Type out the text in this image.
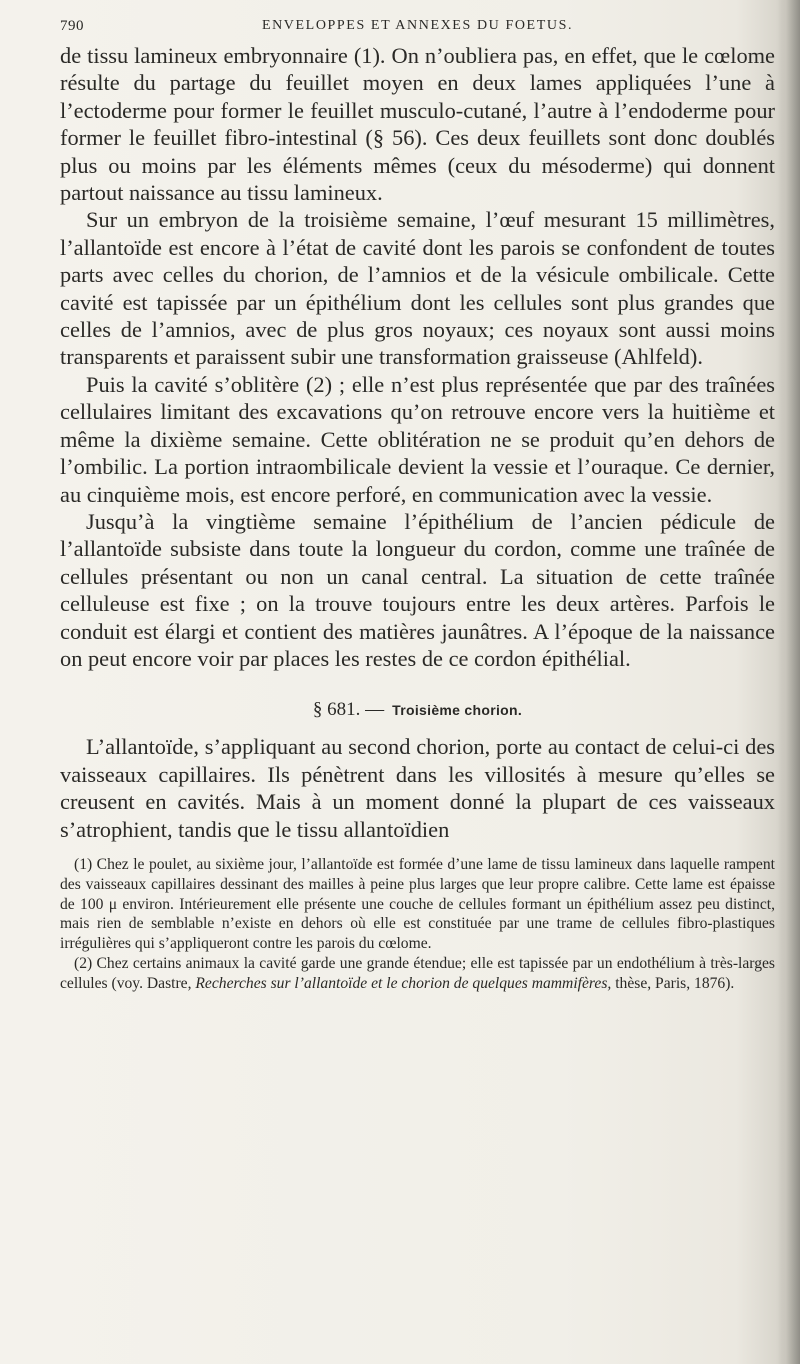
790	ENVELOPPES ET ANNEXES DU FOETUS.

de tissu lamineux embryonnaire (1). On n’oubliera pas, en effet, que le cœlome résulte du partage du feuillet moyen en deux lames appliquées l’une à l’ectoderme pour former le feuillet musculo-cutané, l’autre à l’endoderme pour former le feuillet fibro-intestinal (§ 56). Ces deux feuillets sont donc doublés plus ou moins par les éléments mêmes (ceux du mésoderme) qui donnent partout naissance au tissu lamineux.

Sur un embryon de la troisième semaine, l’œuf mesurant 15 millimètres, l’allantoïde est encore à l’état de cavité dont les parois se confondent de toutes parts avec celles du chorion, de l’amnios et de la vésicule ombilicale. Cette cavité est tapissée par un épithélium dont les cellules sont plus grandes que celles de l’amnios, avec de plus gros noyaux; ces noyaux sont aussi moins transparents et paraissent subir une transformation graisseuse (Ahlfeld).

Puis la cavité s’oblitère (2) ; elle n’est plus représentée que par des traînées cellulaires limitant des excavations qu’on retrouve encore vers la huitième et même la dixième semaine. Cette oblitération ne se produit qu’en dehors de l’ombilic. La portion intraombilicale devient la vessie et l’ouraque. Ce dernier, au cinquième mois, est encore perforé, en communication avec la vessie.

Jusqu’à la vingtième semaine l’épithélium de l’ancien pédicule de l’allantoïde subsiste dans toute la longueur du cordon, comme une traînée de cellules présentant ou non un canal central. La situation de cette traînée celluleuse est fixe ; on la trouve toujours entre les deux artères. Parfois le conduit est élargi et contient des matières jaunâtres. A l’époque de la naissance on peut encore voir par places les restes de ce cordon épithélial.

§ 681. — Troisième chorion.

L’allantoïde, s’appliquant au second chorion, porte au contact de celui-ci des vaisseaux capillaires. Ils pénètrent dans les villosités à mesure qu’elles se creusent en cavités. Mais à un moment donné la plupart de ces vaisseaux s’atrophient, tandis que le tissu allantoïdien

(1) Chez le poulet, au sixième jour, l’allantoïde est formée d’une lame de tissu lamineux dans laquelle rampent des vaisseaux capillaires dessinant des mailles à peine plus larges que leur propre calibre. Cette lame est épaisse de 100 μ environ. Intérieurement elle présente une couche de cellules formant un épithélium assez peu distinct, mais rien de semblable n’existe en dehors où elle est constituée par une trame de cellules fibro-plastiques irrégulières qui s’appliqueront contre les parois du cœlome.

(2) Chez certains animaux la cavité garde une grande étendue; elle est tapissée par un endothélium à très-larges cellules (voy. Dastre, Recherches sur l’allantoïde et le chorion de quelques mammifères, thèse, Paris, 1876).
